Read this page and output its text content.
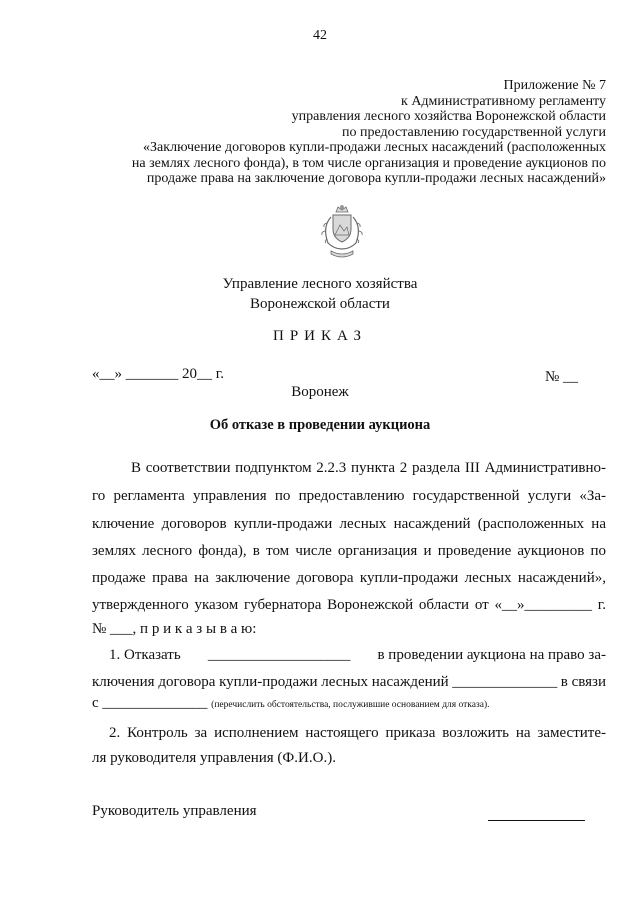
42
Приложение № 7
к Административному регламенту
управления лесного хозяйства Воронежской области
по предоставлению государственной услуги
«Заключение договоров купли-продажи лесных насаждений (расположенных
на землях лесного фонда), в том числе организация и проведение аукционов по
продаже права на заключение договора купли-продажи лесных насаждений»
Управление лесного хозяйства
Воронежской области
ПРИКАЗ
«__» _______ 20__ г.	№ __
Воронеж
Об отказе в проведении аукциона
В соответствии подпунктом 2.2.3 пункта 2 раздела III Административно-
го регламента управления по предоставлению государственной услуги «За-
ключение договоров купли-продажи лесных насаждений (расположенных на
землях лесного фонда), в том числе организация и проведение аукционов по
продаже права на заключение договора купли-продажи лесных насаждений»,
утвержденного указом губернатора Воронежской области от «__»_________ г.
№ ___, п р и к а з ы в а ю:
1. Отказать ___________________ в проведении аукциона на право за-
ключения договора купли-продажи лесных насаждений ______________ в связи
с ______________ (перечислить обстоятельства, послужившие основанием для отказа).
2. Контроль за исполнением настоящего приказа возложить на заместите-
ля руководителя управления (Ф.И.О.).
Руководитель управления
